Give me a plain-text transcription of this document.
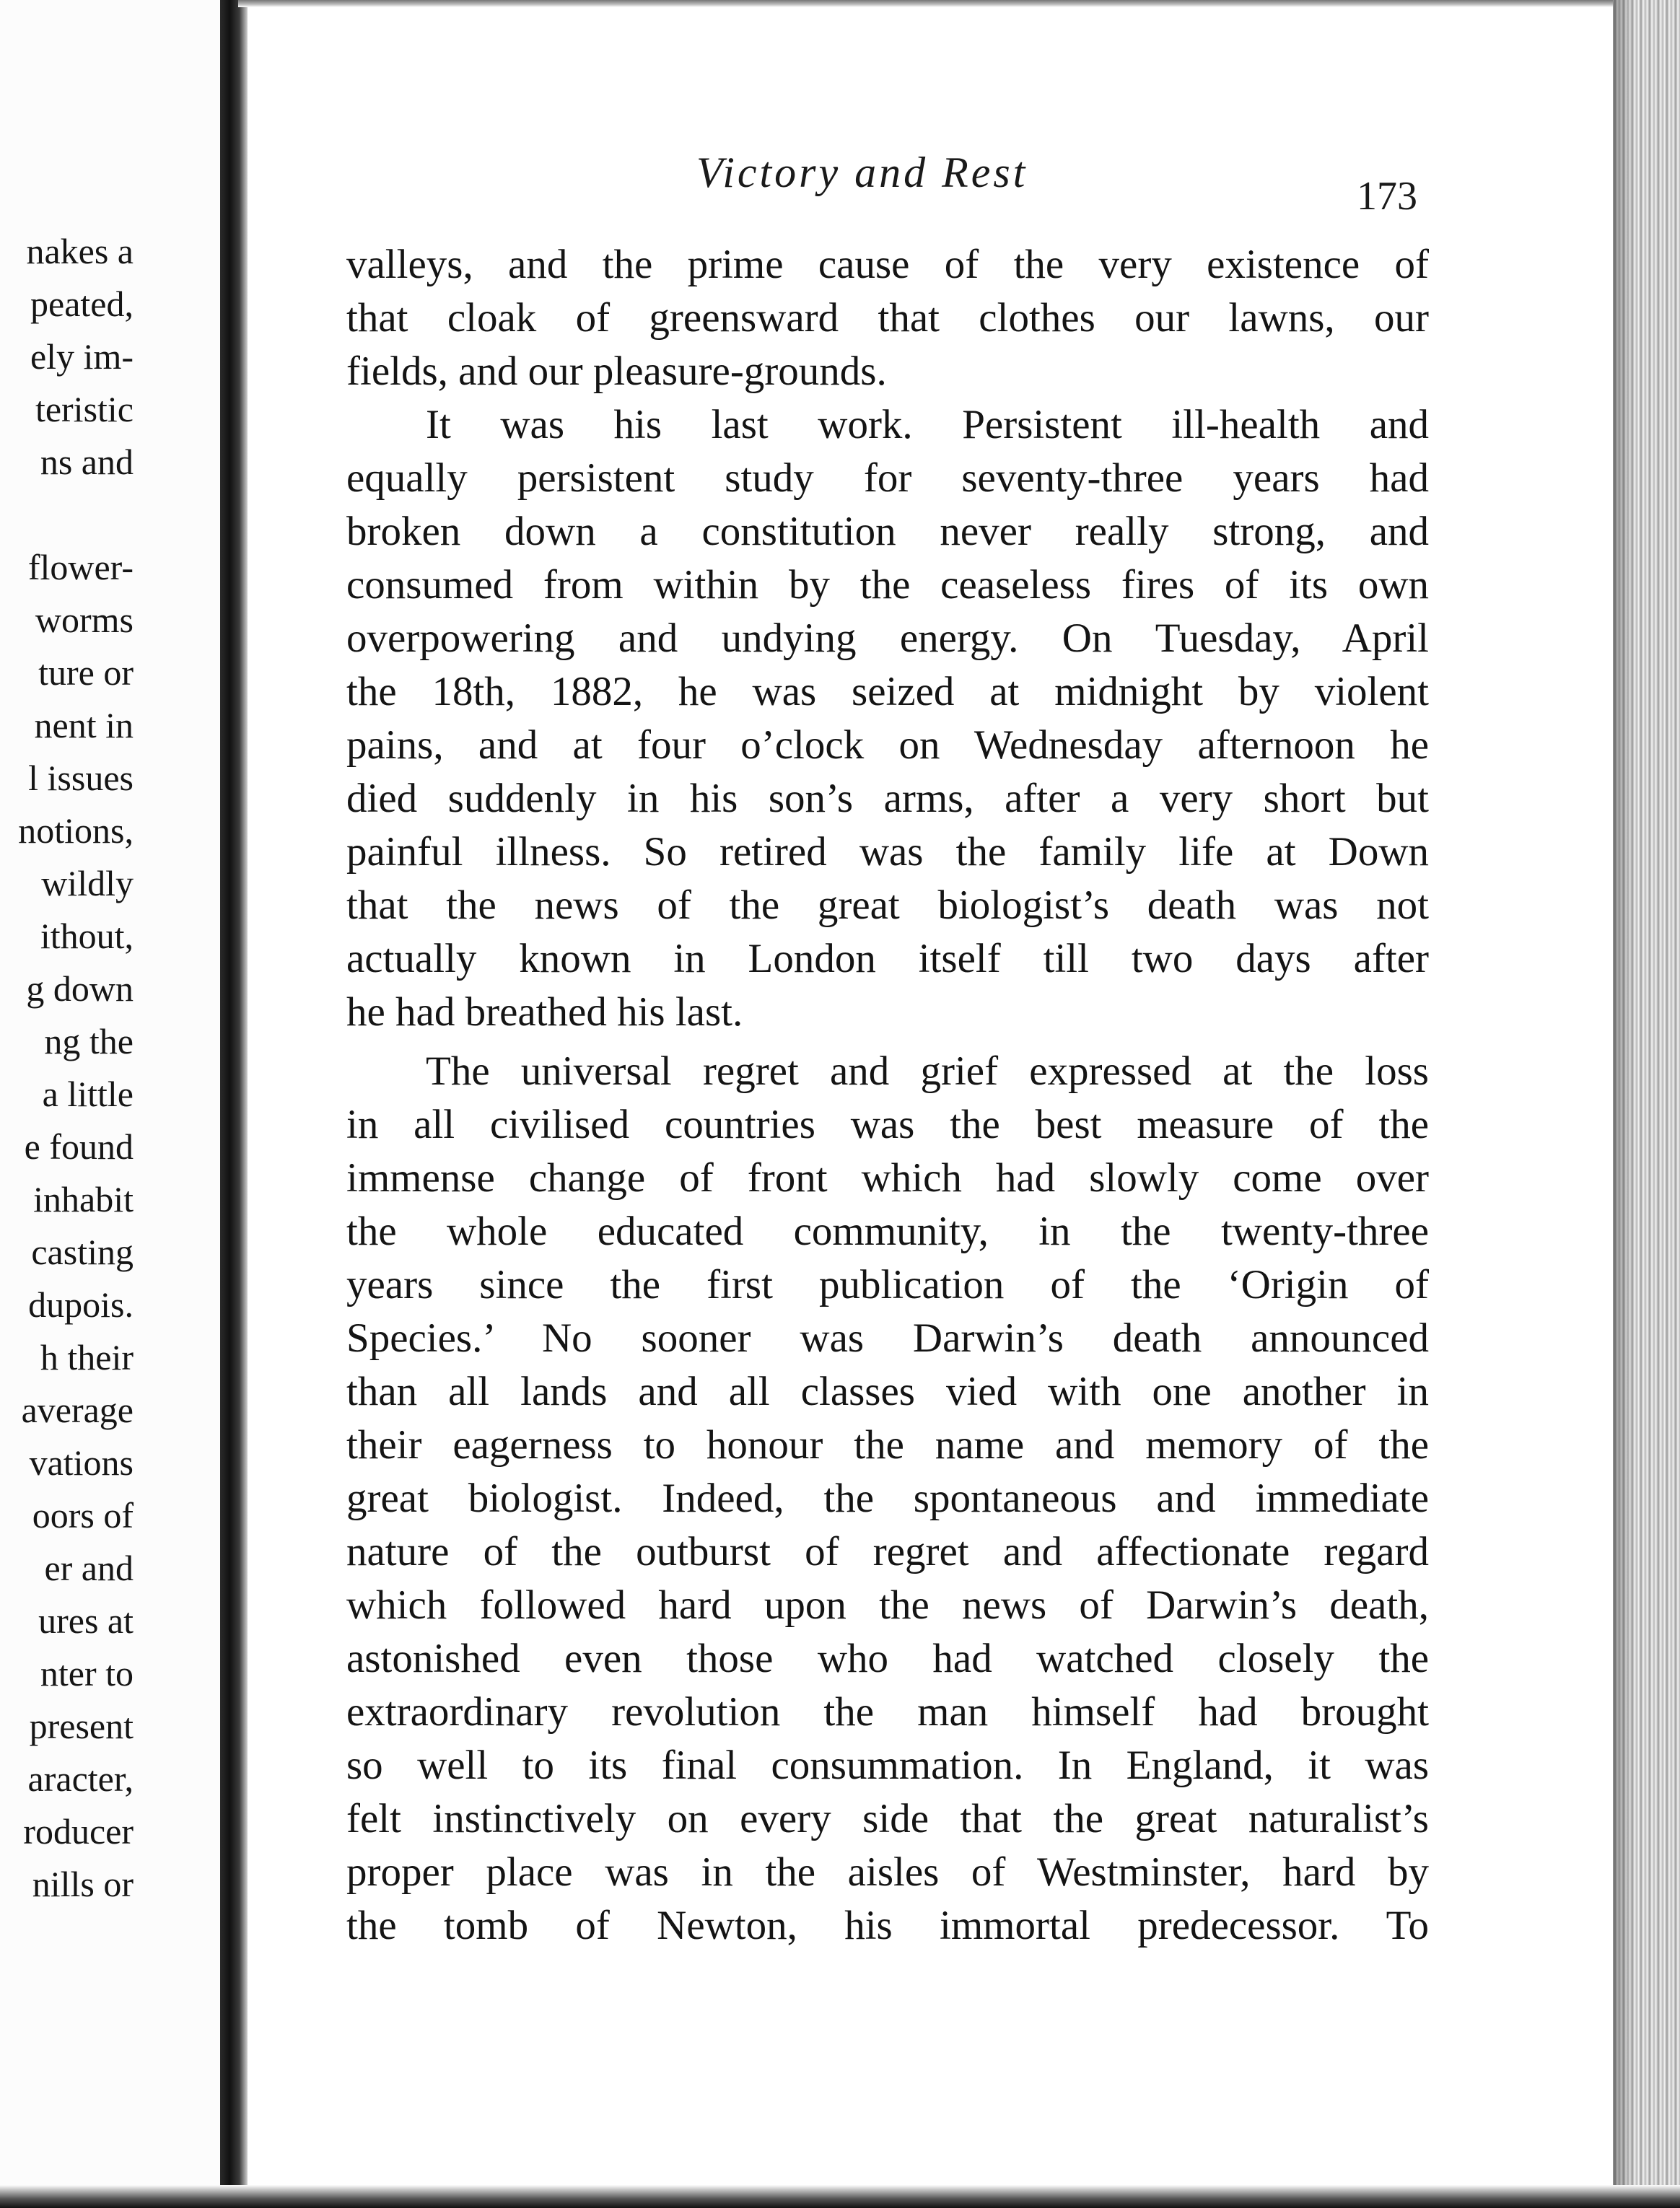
nakes a
peated,
ely im-
teristic
ns and
flower-
worms
ture or
nent in
l issues
notions,
wildly
ithout,
g down
ng the
a little
e found
inhabit
casting
dupois.
h their
average
vations
oors of
er and
ures at
nter to
present
aracter,
roducer
nills or
Victory and Rest	173
valleys, and the prime cause of the very existence of
that cloak of greensward that clothes our lawns, our
fields, and our pleasure-grounds.
It was his last work. Persistent ill-health and
equally persistent study for seventy-three years had
broken down a constitution never really strong, and
consumed from within by the ceaseless fires of its own
overpowering and undying energy. On Tuesday, April
the 18th, 1882, he was seized at midnight by violent
pains, and at four o’clock on Wednesday afternoon he
died suddenly in his son’s arms, after a very short but
painful illness. So retired was the family life at Down
that the news of the great biologist’s death was not
actually known in London itself till two days after
he had breathed his last.
The universal regret and grief expressed at the loss
in all civilised countries was the best measure of the
immense change of front which had slowly come over
the whole educated community, in the twenty-three
years since the first publication of the ‘Origin of
Species.’ No sooner was Darwin’s death announced
than all lands and all classes vied with one another in
their eagerness to honour the name and memory of the
great biologist. Indeed, the spontaneous and immediate
nature of the outburst of regret and affectionate regard
which followed hard upon the news of Darwin’s death,
astonished even those who had watched closely the
extraordinary revolution the man himself had brought
so well to its final consummation. In England, it was
felt instinctively on every side that the great naturalist’s
proper place was in the aisles of Westminster, hard by
the tomb of Newton, his immortal predecessor. To
